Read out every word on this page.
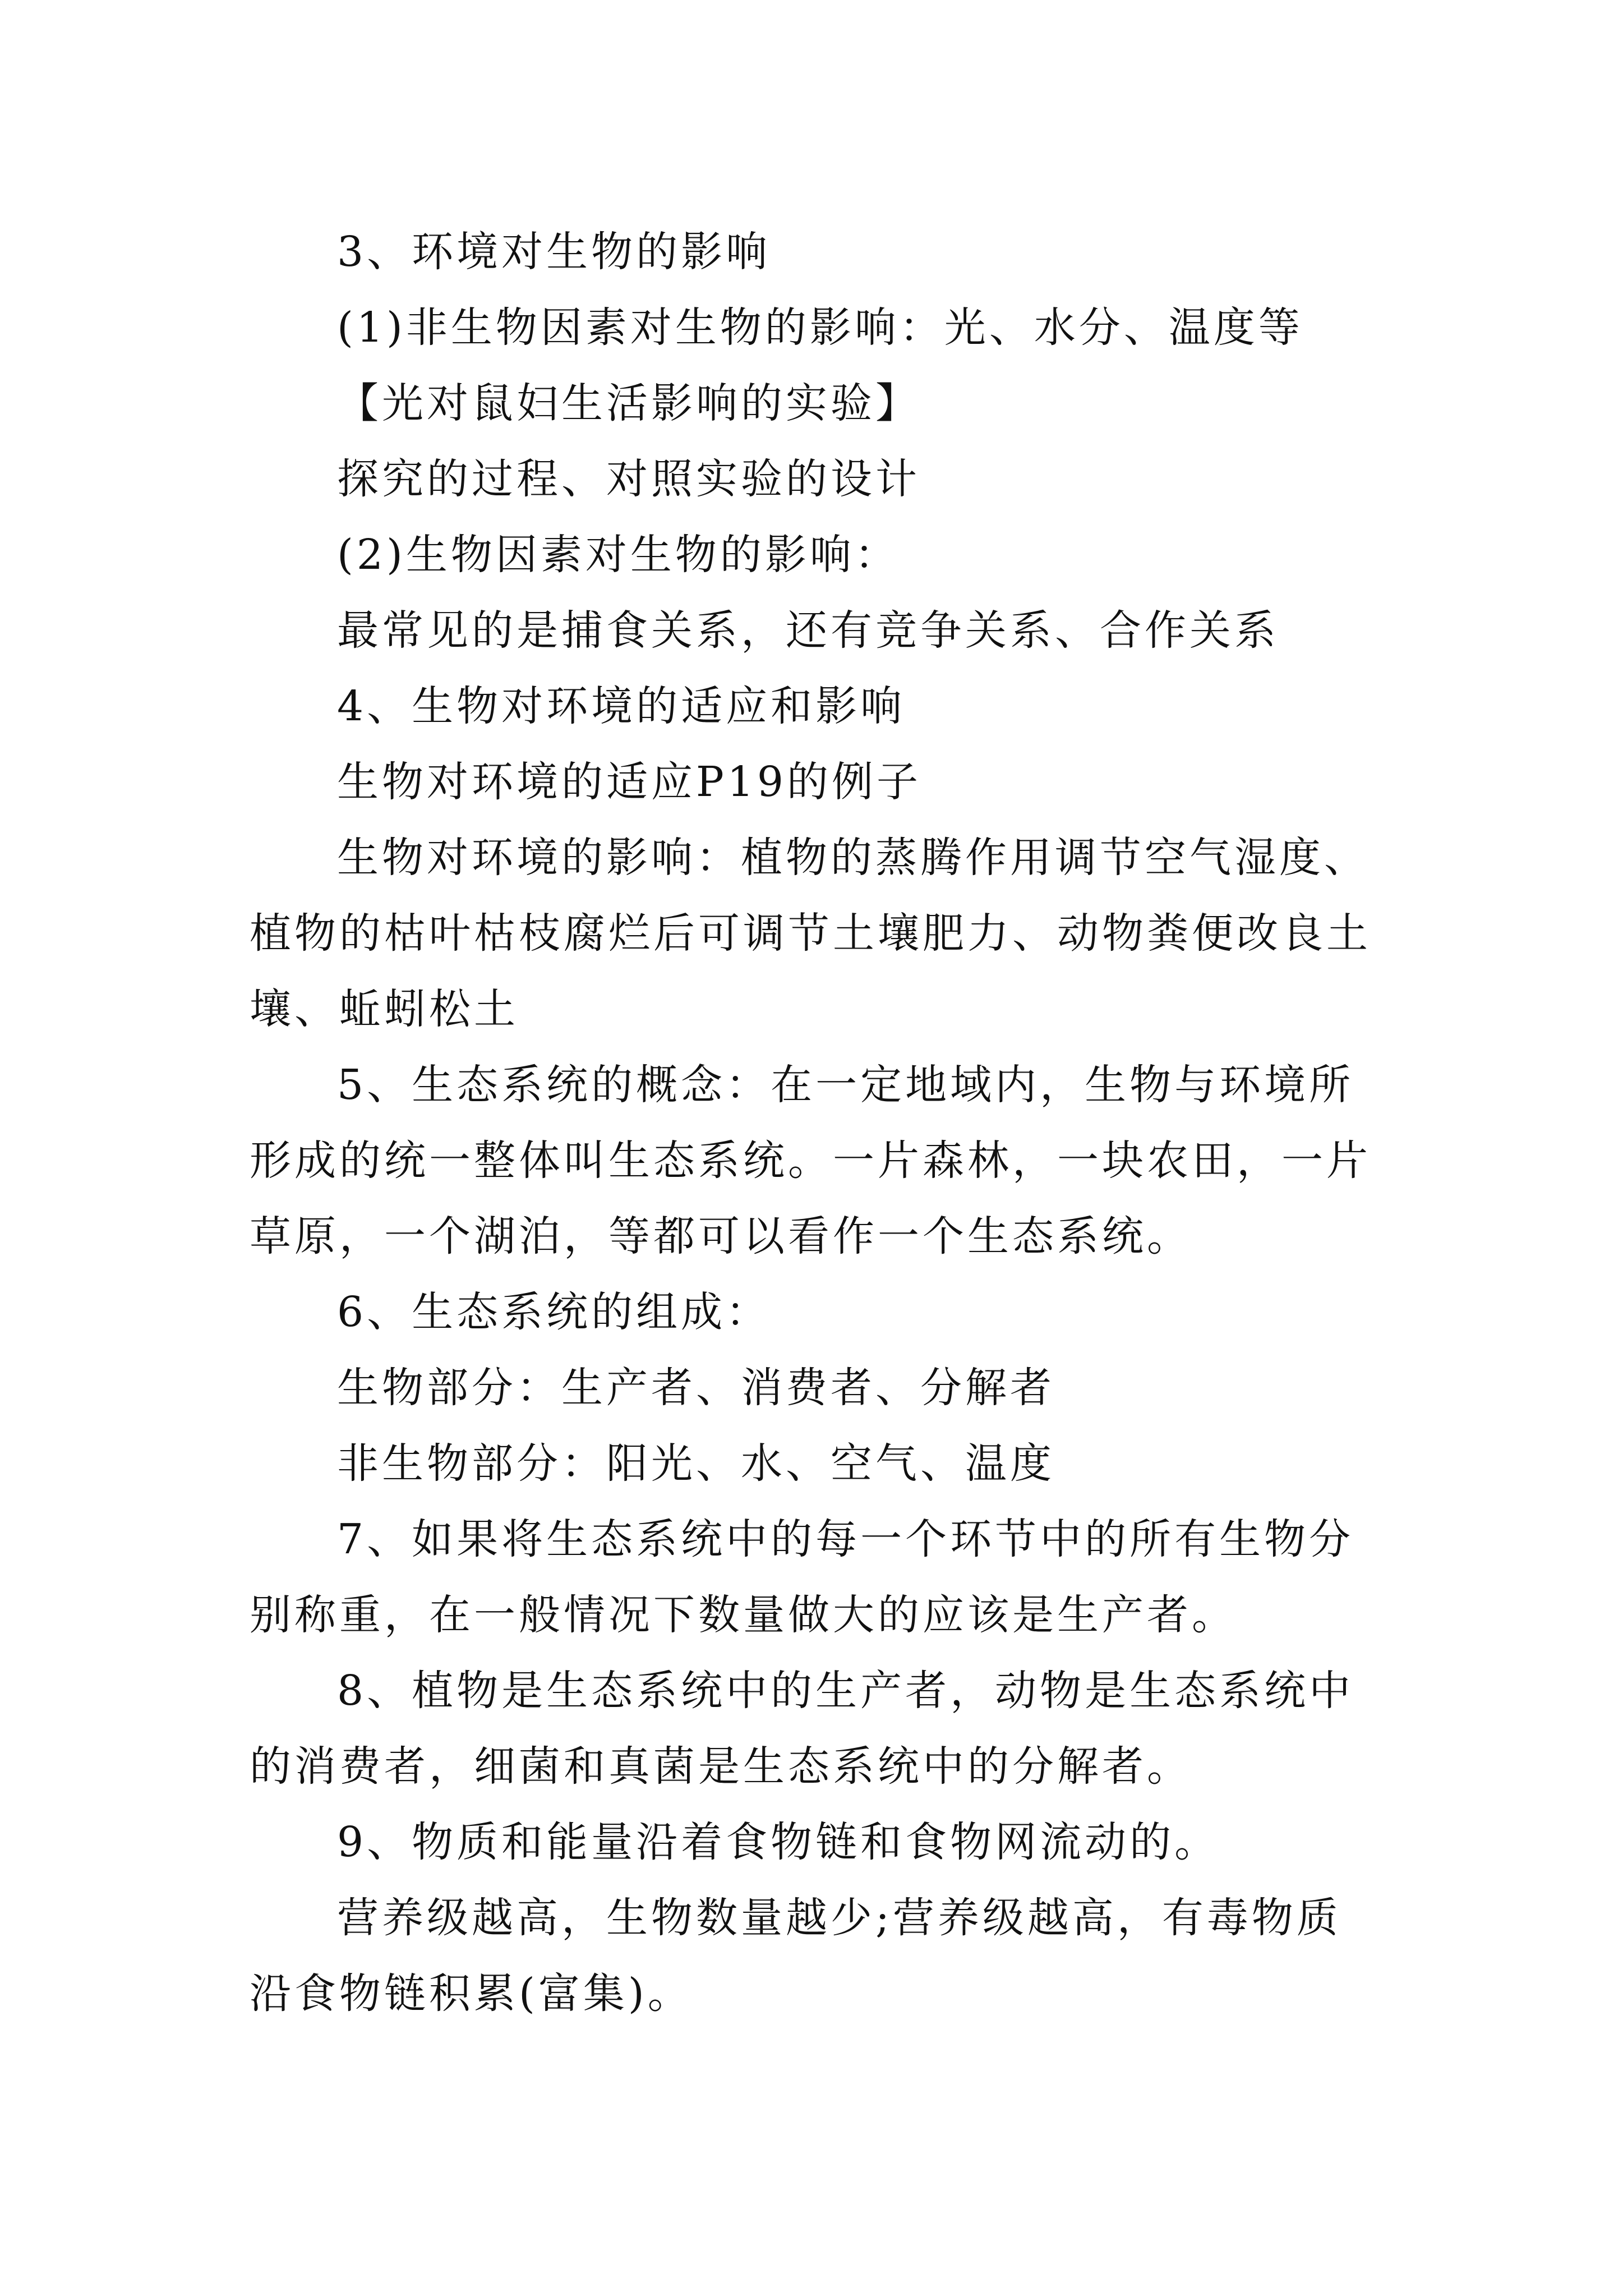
3、环境对生物的影响

(1)非生物因素对生物的影响：光、水分、温度等

【光对鼠妇生活影响的实验】

探究的过程、对照实验的设计

(2)生物因素对生物的影响：

最常见的是捕食关系，还有竞争关系、合作关系

4、生物对环境的适应和影响

生物对环境的适应P19的例子

生物对环境的影响：植物的蒸腾作用调节空气湿度、植物的枯叶枯枝腐烂后可调节土壤肥力、动物粪便改良土壤、蚯蚓松土

5、生态系统的概念：在一定地域内，生物与环境所形成的统一整体叫生态系统。一片森林，一块农田，一片草原，一个湖泊，等都可以看作一个生态系统。

6、生态系统的组成：

生物部分：生产者、消费者、分解者

非生物部分：阳光、水、空气、温度

7、如果将生态系统中的每一个环节中的所有生物分别称重，在一般情况下数量做大的应该是生产者。

8、植物是生态系统中的生产者，动物是生态系统中的消费者，细菌和真菌是生态系统中的分解者。

9、物质和能量沿着食物链和食物网流动的。

营养级越高，生物数量越少;营养级越高，有毒物质沿食物链积累(富集)。
